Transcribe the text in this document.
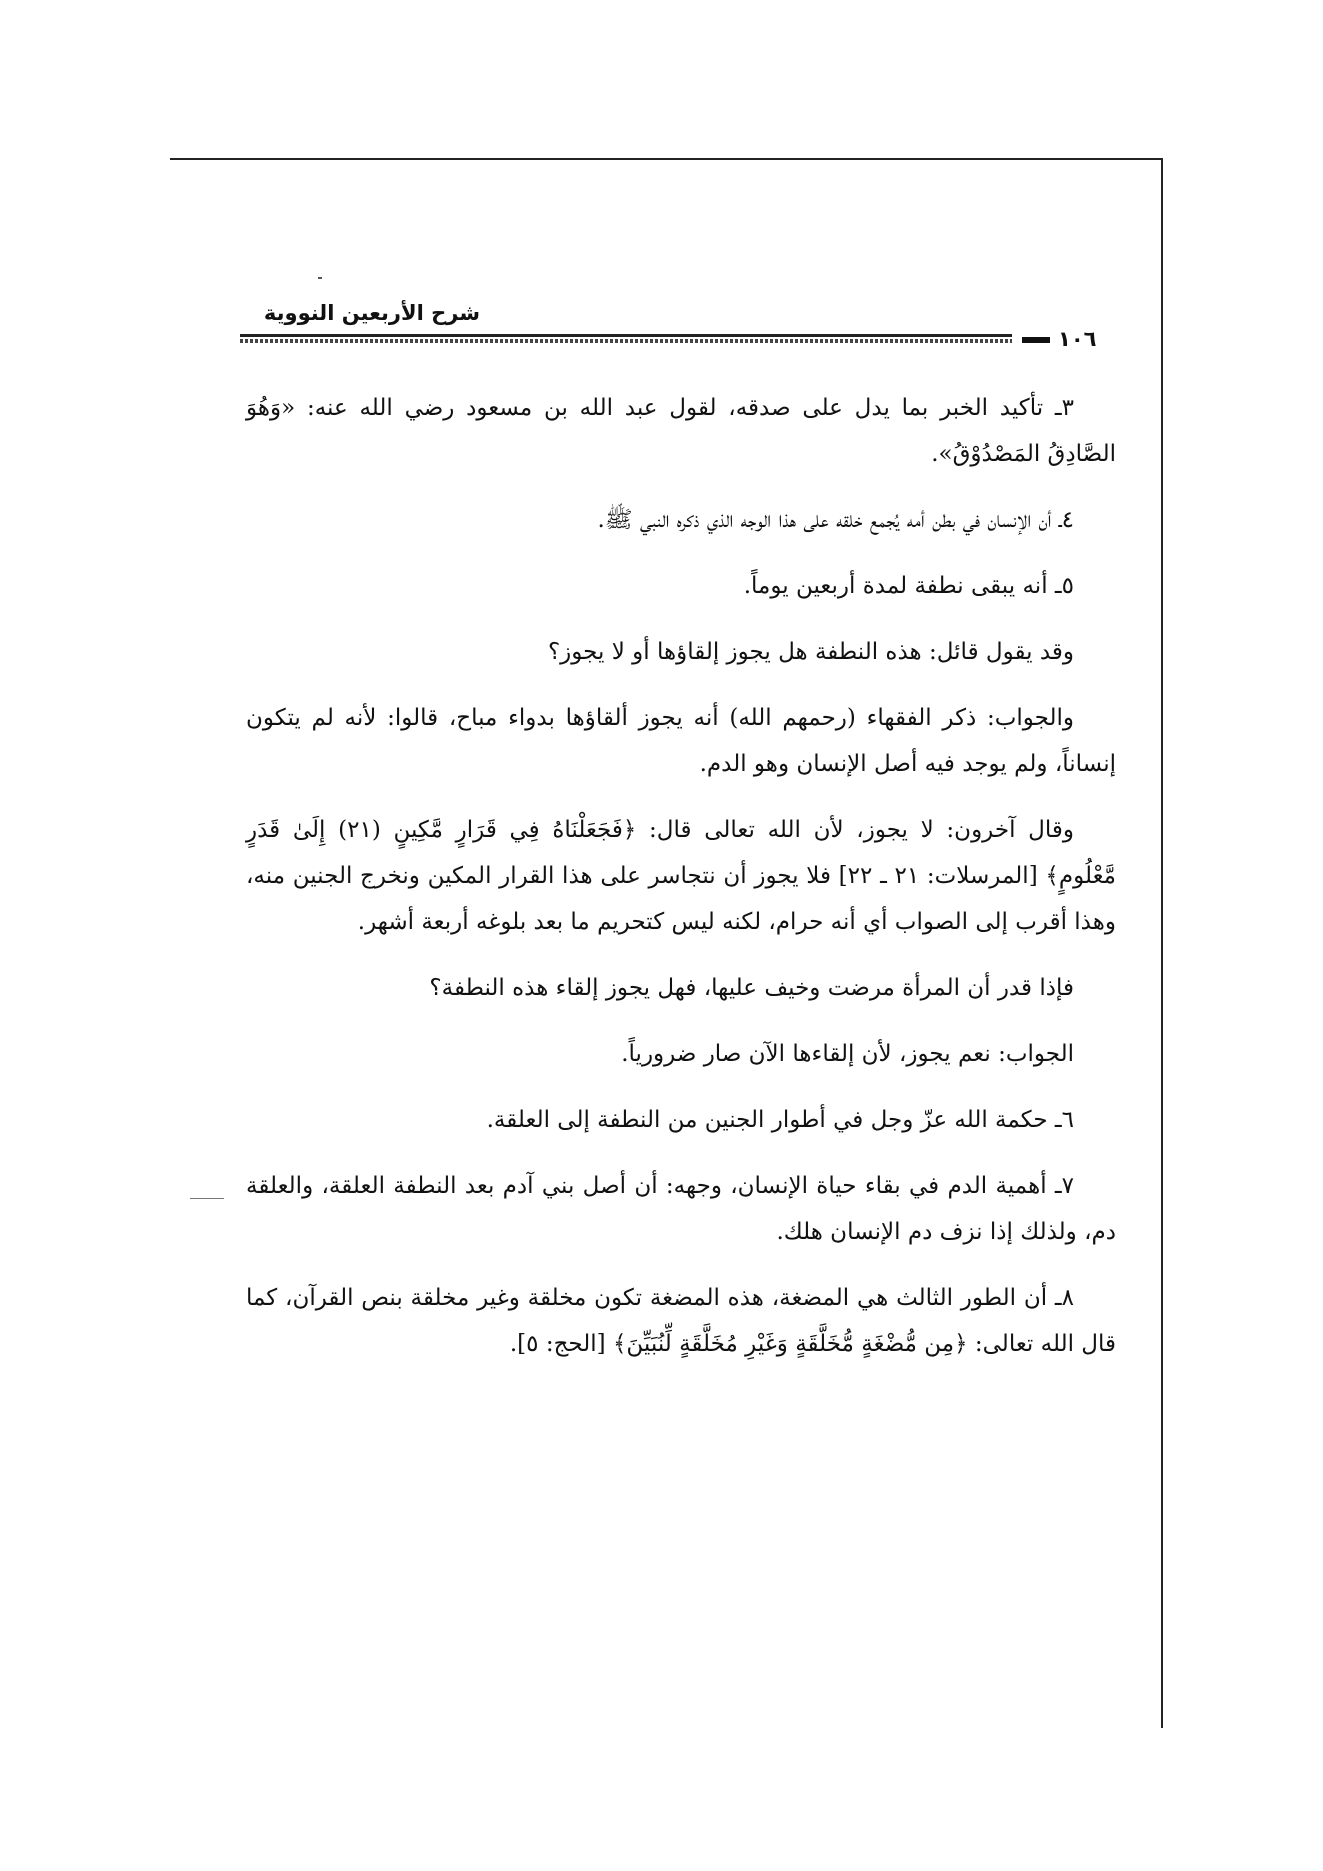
شرح الأربعين النووية
١٠٦

٣ـ تأكيد الخبر بما يدل على صدقه، لقول عبد الله بن مسعود رضي الله عنه: «وَهُوَ الصَّادِقُ المَصْدُوْقُ».

٤ـ أن الإنسان في بطن أمه يُجمع خلقه على هذا الوجه الذي ذكره النبي ﷺ.

٥ـ أنه يبقى نطفة لمدة أربعين يوماً.

وقد يقول قائل: هذه النطفة هل يجوز إلقاؤها أو لا يجوز؟

والجواب: ذكر الفقهاء (رحمهم الله) أنه يجوز ألقاؤها بدواء مباح، قالوا: لأنه لم يتكون إنساناً، ولم يوجد فيه أصل الإنسان وهو الدم.

وقال آخرون: لا يجوز، لأن الله تعالى قال: ﴿فَجَعَلْنَاهُ فِي قَرَارٍ مَّكِينٍ (٢١) إِلَىٰ قَدَرٍ مَّعْلُومٍ﴾ [المرسلات: ٢١ ـ ٢٢] فلا يجوز أن نتجاسر على هذا القرار المكين ونخرج الجنين منه، وهذا أقرب إلى الصواب أي أنه حرام، لكنه ليس كتحريم ما بعد بلوغه أربعة أشهر.

فإذا قدر أن المرأة مرضت وخيف عليها، فهل يجوز إلقاء هذه النطفة؟

الجواب: نعم يجوز، لأن إلقاءها الآن صار ضرورياً.

٦ـ حكمة الله عزّ وجل في أطوار الجنين من النطفة إلى العلقة.

٧ـ أهمية الدم في بقاء حياة الإنسان، وجهه: أن أصل بني آدم بعد النطفة العلقة، والعلقة دم، ولذلك إذا نزف دم الإنسان هلك.

٨ـ أن الطور الثالث هي المضغة، هذه المضغة تكون مخلقة وغير مخلقة بنص القرآن، كما قال الله تعالى: ﴿مِن مُّضْغَةٍ مُّخَلَّقَةٍ وَغَيْرِ مُخَلَّقَةٍ لِّنُبَيِّنَ﴾ [الحج: ٥].
